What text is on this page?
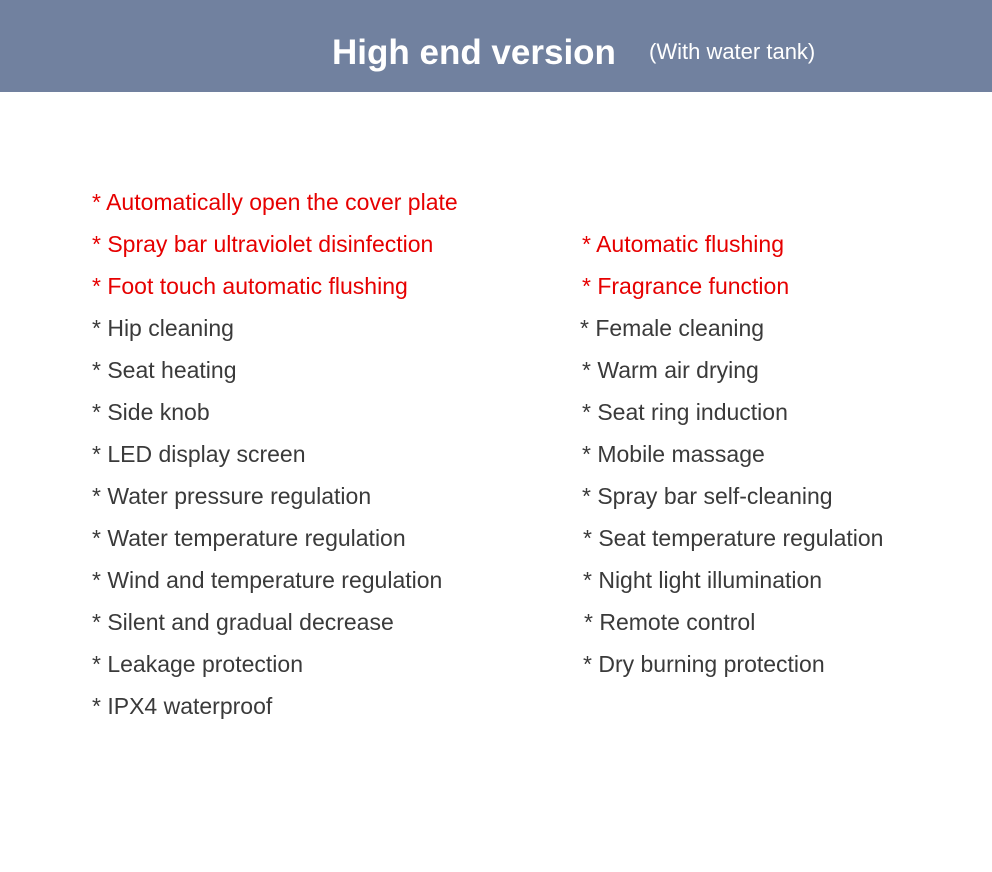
High end version (With water tank)
* Automatically open the cover plate
* Spray bar ultraviolet disinfection
* Foot touch automatic flushing
* Hip cleaning
* Seat heating
* Side knob
* LED display screen
* Water pressure regulation
* Water temperature regulation
* Wind and temperature regulation
* Silent and gradual decrease
* Leakage protection
* IPX4 waterproof
* Automatic flushing
* Fragrance function
* Female cleaning
* Warm air drying
* Seat ring induction
* Mobile massage
* Spray bar self-cleaning
* Seat temperature regulation
* Night light illumination
* Remote control
* Dry burning protection
